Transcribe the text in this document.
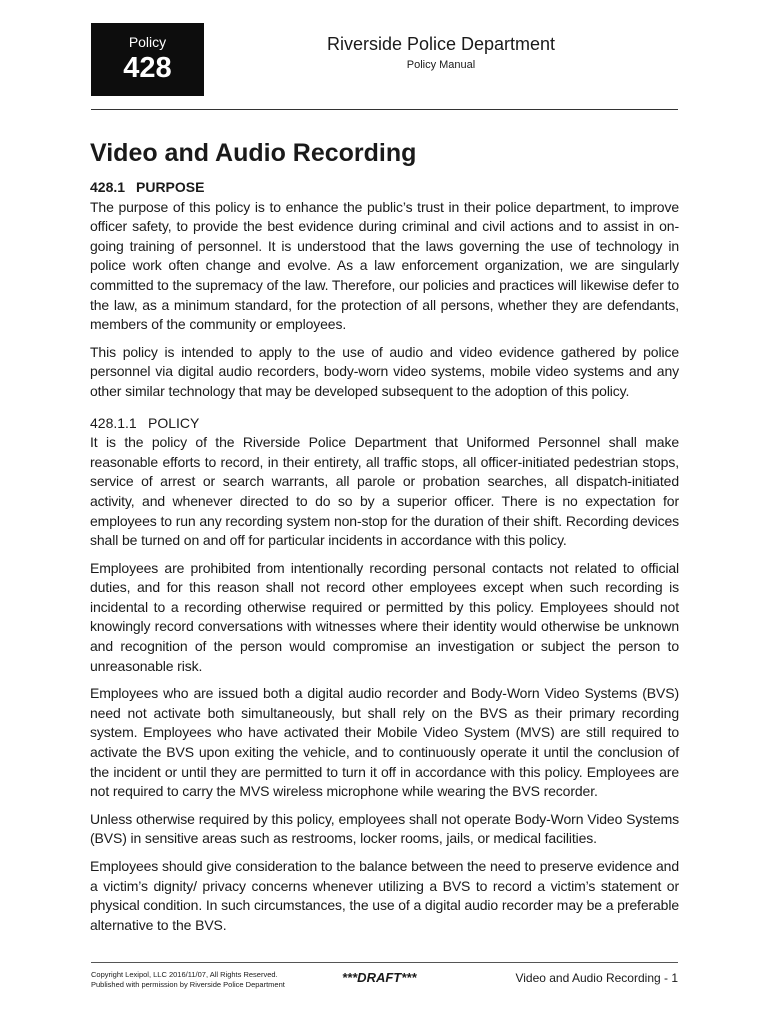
Policy
428
Riverside Police Department
Policy Manual
Video and Audio Recording
428.1 PURPOSE

The purpose of this policy is to enhance the public’s trust in their police department, to improve officer safety, to provide the best evidence during criminal and civil actions and to assist in on-going training of personnel. It is understood that the laws governing the use of technology in police work often change and evolve. As a law enforcement organization, we are singularly committed to the supremacy of the law. Therefore, our policies and practices will likewise defer to the law, as a minimum standard, for the protection of all persons, whether they are defendants, members of the community or employees.

This policy is intended to apply to the use of audio and video evidence gathered by police personnel via digital audio recorders, body-worn video systems, mobile video systems and any other similar technology that may be developed subsequent to the adoption of this policy.

428.1.1 POLICY

It is the policy of the Riverside Police Department that Uniformed Personnel shall make reasonable efforts to record, in their entirety, all traffic stops, all officer-initiated pedestrian stops, service of arrest or search warrants, all parole or probation searches, all dispatch-initiated activity, and whenever directed to do so by a superior officer. There is no expectation for employees to run any recording system non-stop for the duration of their shift. Recording devices shall be turned on and off for particular incidents in accordance with this policy.

Employees are prohibited from intentionally recording personal contacts not related to official duties, and for this reason shall not record other employees except when such recording is incidental to a recording otherwise required or permitted by this policy. Employees should not knowingly record conversations with witnesses where their identity would otherwise be unknown and recognition of the person would compromise an investigation or subject the person to unreasonable risk.

Employees who are issued both a digital audio recorder and Body-Worn Video Systems (BVS) need not activate both simultaneously, but shall rely on the BVS as their primary recording system. Employees who have activated their Mobile Video System (MVS) are still required to activate the BVS upon exiting the vehicle, and to continuously operate it until the conclusion of the incident or until they are permitted to turn it off in accordance with this policy. Employees are not required to carry the MVS wireless microphone while wearing the BVS recorder.

Unless otherwise required by this policy, employees shall not operate Body-Worn Video Systems (BVS) in sensitive areas such as restrooms, locker rooms, jails, or medical facilities.

Employees should give consideration to the balance between the need to preserve evidence and a victim’s dignity/ privacy concerns whenever utilizing a BVS to record a victim’s statement or physical condition. In such circumstances, the use of a digital audio recorder may be a preferable alternative to the BVS.

Copyright Lexipol, LLC 2016/11/07, All Rights Reserved.
Published with permission by Riverside Police Department	***DRAFT***	Video and Audio Recording - 1
